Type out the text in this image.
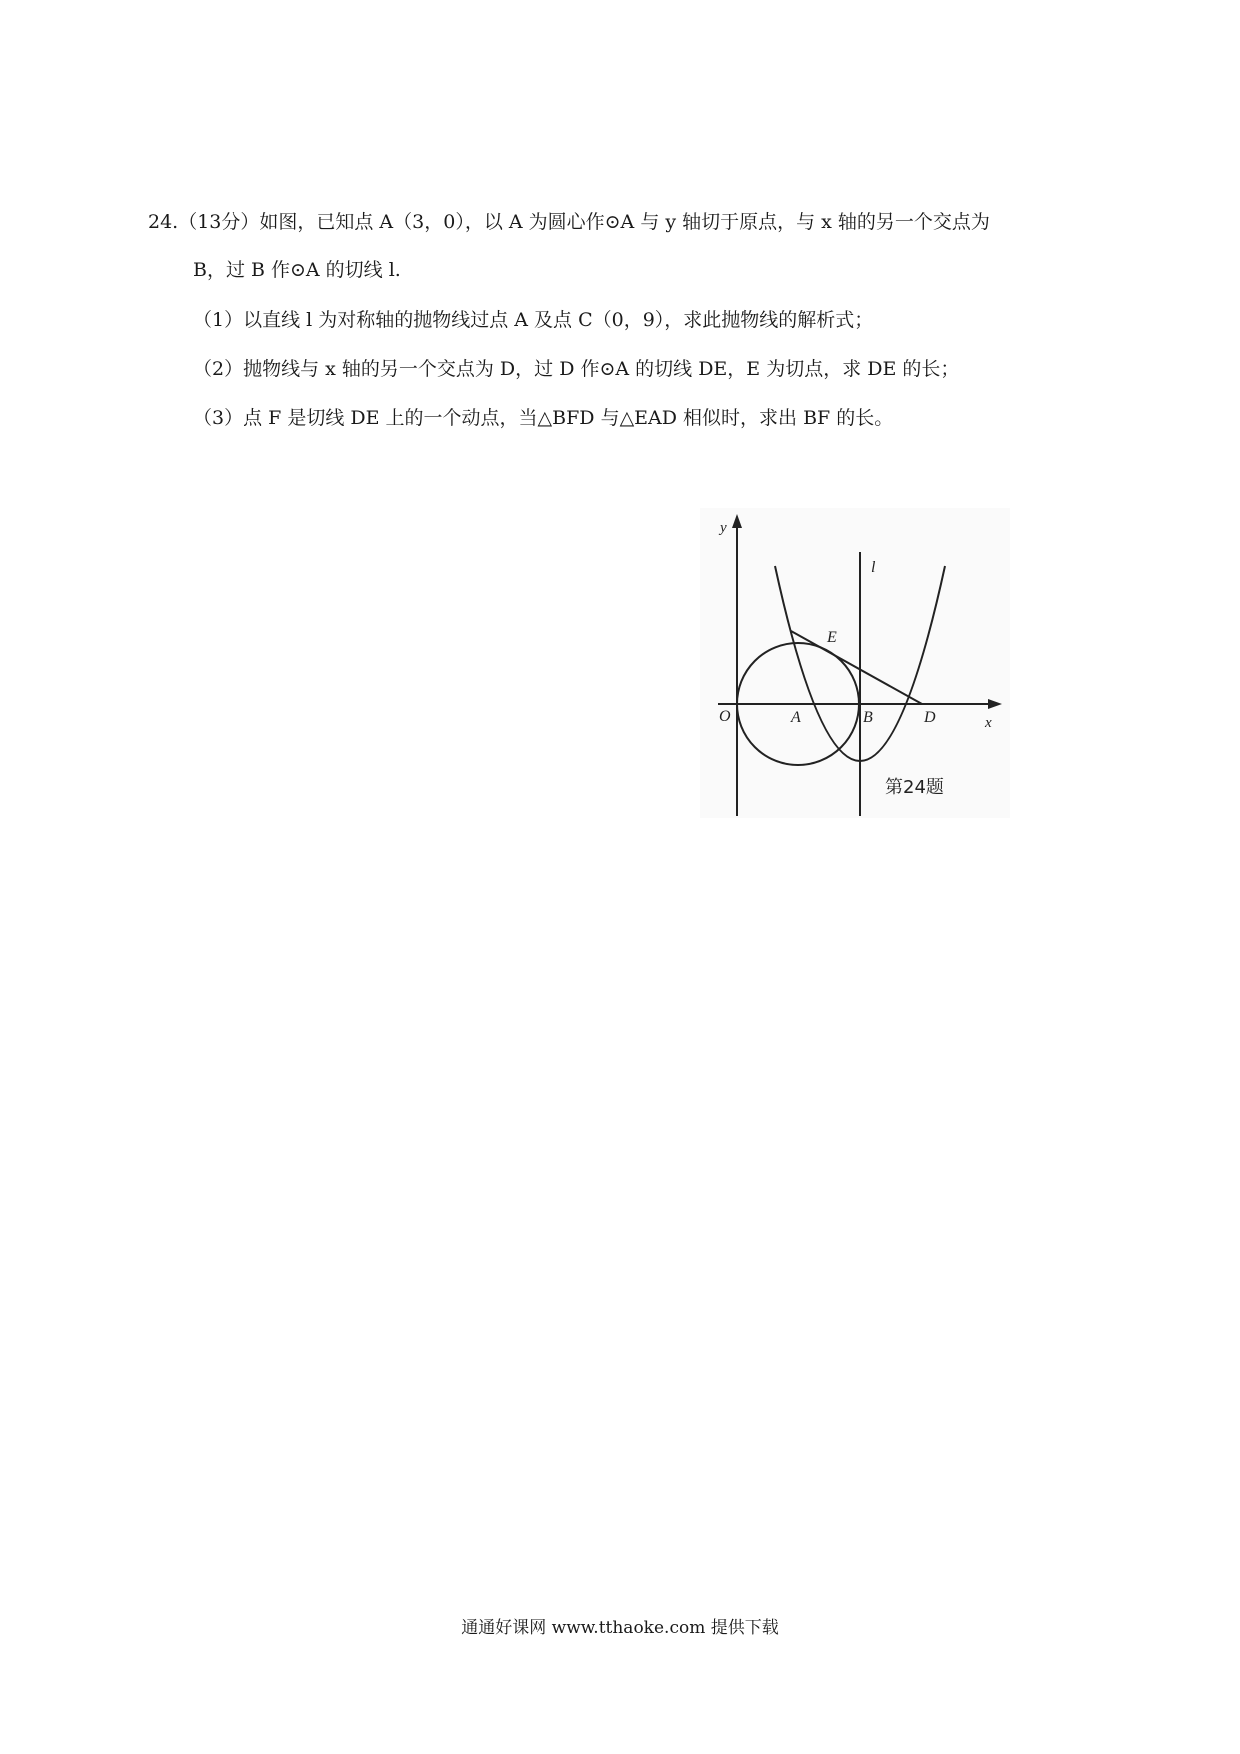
24.（13分）如图，已知点 A（3，0），以 A 为圆心作⊙A 与 y 轴切于原点，与 x 轴的另一个交点为
B，过 B 作⊙A 的切线 l.
（1）以直线 l 为对称轴的抛物线过点 A 及点 C（0，9），求此抛物线的解析式；
（2）抛物线与 x 轴的另一个交点为 D，过 D 作⊙A 的切线 DE，E 为切点，求 DE 的长；
（3）点 F 是切线 DE 上的一个动点，当△BFD 与△EAD 相似时，求出 BF 的长。
y
x
l
O	A	B	D
E
第24题
通通好课网 www.tthaoke.com 提供下载
